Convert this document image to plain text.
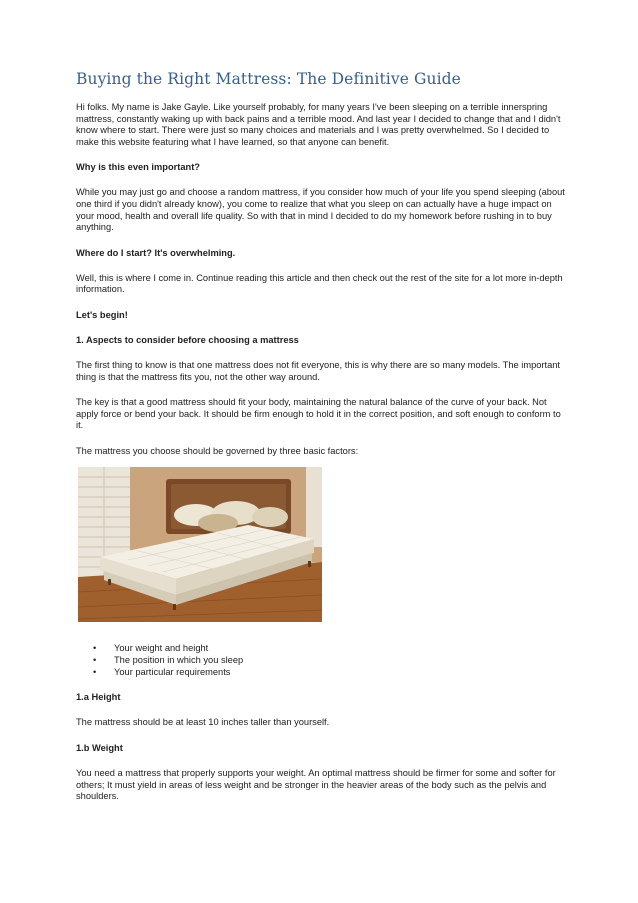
Buying the Right Mattress: The Definitive Guide

Hi folks. My name is Jake Gayle. Like yourself probably, for many years I've been sleeping on a terrible innerspring mattress, constantly waking up with back pains and a terrible mood. And last year I decided to change that and I didn't know where to start. There were just so many choices and materials and I was pretty overwhelmed. So I decided to make this website featuring what I have learned, so that anyone can benefit.

Why is this even important?

While you may just go and choose a random mattress, if you consider how much of your life you spend sleeping (about one third if you didn't already know), you come to realize that what you sleep on can actually have a huge impact on your mood, health and overall life quality. So with that in mind I decided to do my homework before rushing in to buy anything.

Where do I start? It's overwhelming.

Well, this is where I come in. Continue reading this article and then check out the rest of the site for a lot more in-depth information.

Let's begin!
1. Aspects to consider before choosing a mattress

The first thing to know is that one mattress does not fit everyone, this is why there are so many models. The important thing is that the mattress fits you, not the other way around.

The key is that a good mattress should fit your body, maintaining the natural balance of the curve of your back. Not apply force or bend your back. It should be firm enough to hold it in the correct position, and soft enough to conform to it.

The mattress you choose should be governed by three basic factors:

• Your weight and height
• The position in which you sleep
• Your particular requirements
1.a Height

The mattress should be at least 10 inches taller than yourself.

1.b Weight

You need a mattress that properly supports your weight. An optimal mattress should be firmer for some and softer for others; It must yield in areas of less weight and be stronger in the heavier areas of the body such as the pelvis and shoulders.
